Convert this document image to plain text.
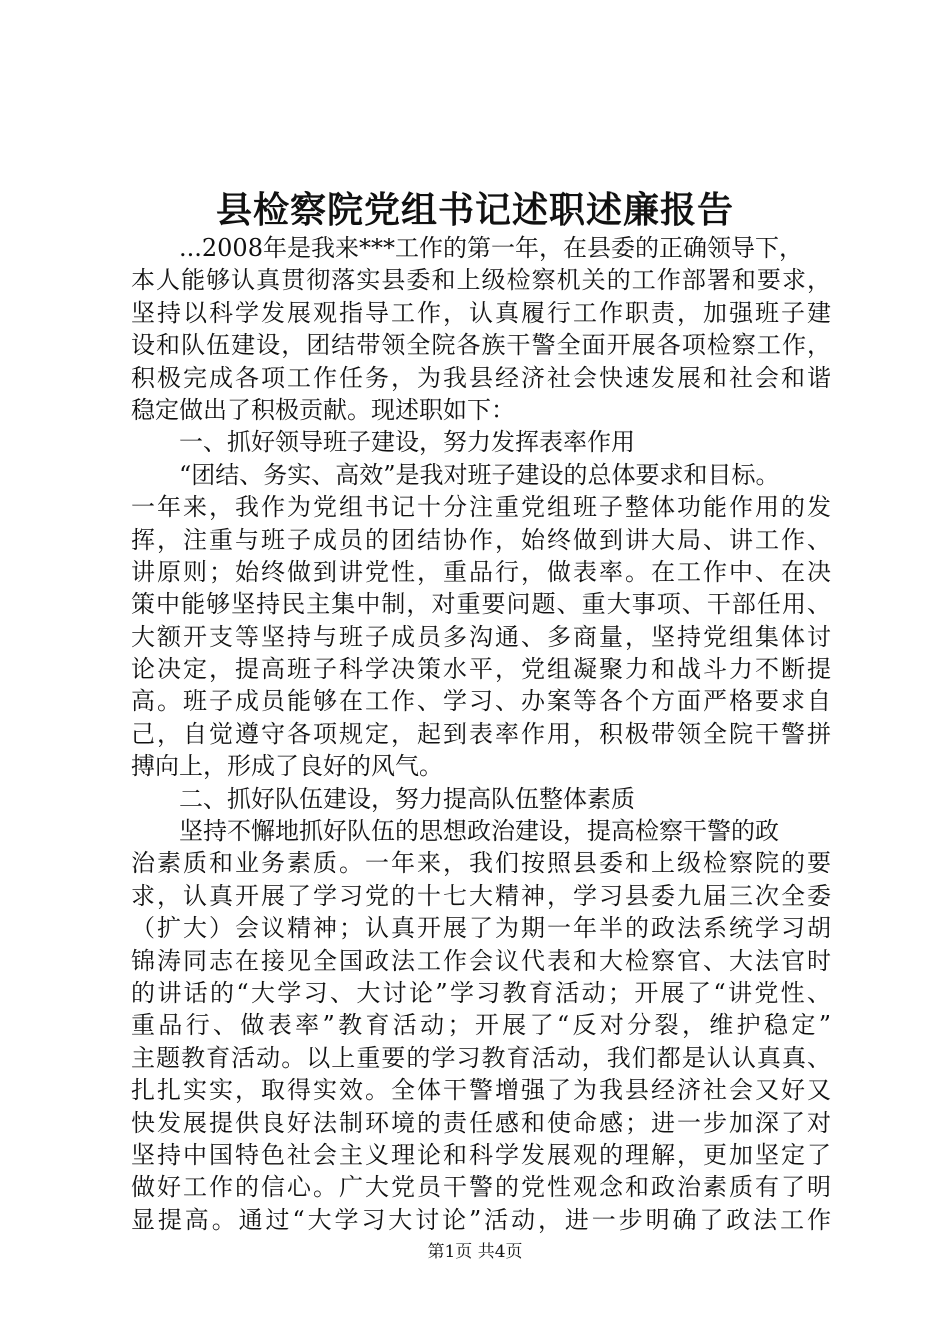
县检察院党组书记述职述廉报告
...2008年是我来***工作的第一年，在县委的正确领导下，
本人能够认真贯彻落实县委和上级检察机关的工作部署和要求，
坚持以科学发展观指导工作，认真履行工作职责，加强班子建
设和队伍建设，团结带领全院各族干警全面开展各项检察工作，
积极完成各项工作任务，为我县经济社会快速发展和社会和谐
稳定做出了积极贡献。现述职如下：
一、抓好领导班子建设，努力发挥表率作用
“团结、务实、高效”是我对班子建设的总体要求和目标。
一年来，我作为党组书记十分注重党组班子整体功能作用的发
挥，注重与班子成员的团结协作，始终做到讲大局、讲工作、
讲原则；始终做到讲党性，重品行，做表率。在工作中、在决
策中能够坚持民主集中制，对重要问题、重大事项、干部任用、
大额开支等坚持与班子成员多沟通、多商量，坚持党组集体讨
论决定，提高班子科学决策水平，党组凝聚力和战斗力不断提
高。班子成员能够在工作、学习、办案等各个方面严格要求自
己，自觉遵守各项规定，起到表率作用，积极带领全院干警拼
搏向上，形成了良好的风气。
二、抓好队伍建设，努力提高队伍整体素质
坚持不懈地抓好队伍的思想政治建设，提高检察干警的政
治素质和业务素质。一年来，我们按照县委和上级检察院的要
求，认真开展了学习党的十七大精神，学习县委九届三次全委
（扩大）会议精神；认真开展了为期一年半的政法系统学习胡
锦涛同志在接见全国政法工作会议代表和大检察官、大法官时
的讲话的“大学习、大讨论”学习教育活动；开展了“讲党性、
重品行、做表率”教育活动；开展了“反对分裂，维护稳定”
主题教育活动。以上重要的学习教育活动，我们都是认认真真、
扎扎实实，取得实效。全体干警增强了为我县经济社会又好又
快发展提供良好法制环境的责任感和使命感；进一步加深了对
坚持中国特色社会主义理论和科学发展观的理解，更加坚定了
做好工作的信心。广大党员干警的党性观念和政治素质有了明
显提高。通过“大学习大讨论”活动，进一步明确了政法工作
第1页 共4页
